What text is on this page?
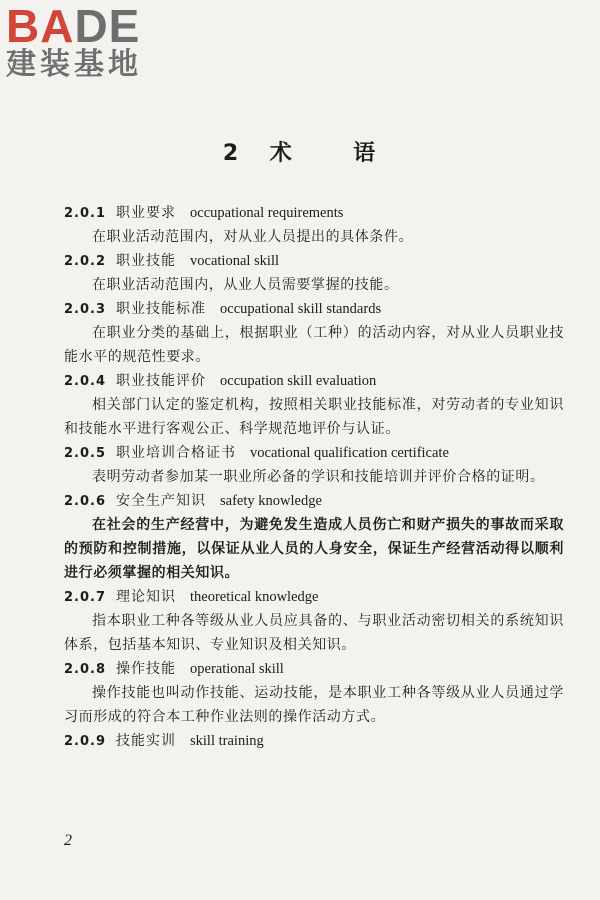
BADE
建装基地
2 术  语
2.0.1 职业要求 occupational requirements
在职业活动范围内，对从业人员提出的具体条件。
2.0.2 职业技能 vocational skill
在职业活动范围内，从业人员需要掌握的技能。
2.0.3 职业技能标准 occupational skill standards
在职业分类的基础上，根据职业（工种）的活动内容，对从业人员职业技能水平的规范性要求。
2.0.4 职业技能评价 occupation skill evaluation
相关部门认定的鉴定机构，按照相关职业技能标准，对劳动者的专业知识和技能水平进行客观公正、科学规范地评价与认证。
2.0.5 职业培训合格证书 vocational qualification certificate
表明劳动者参加某一职业所必备的学识和技能培训并评价合格的证明。
2.0.6 安全生产知识 safety knowledge
在社会的生产经营中，为避免发生造成人员伤亡和财产损失的事故而采取的预防和控制措施，以保证从业人员的人身安全，保证生产经营活动得以顺利进行必须掌握的相关知识。
2.0.7 理论知识 theoretical knowledge
指本职业工种各等级从业人员应具备的、与职业活动密切相关的系统知识体系，包括基本知识、专业知识及相关知识。
2.0.8 操作技能 operational skill
操作技能也叫动作技能、运动技能，是本职业工种各等级从业人员通过学习而形成的符合本工种作业法则的操作活动方式。
2.0.9 技能实训 skill training
2
